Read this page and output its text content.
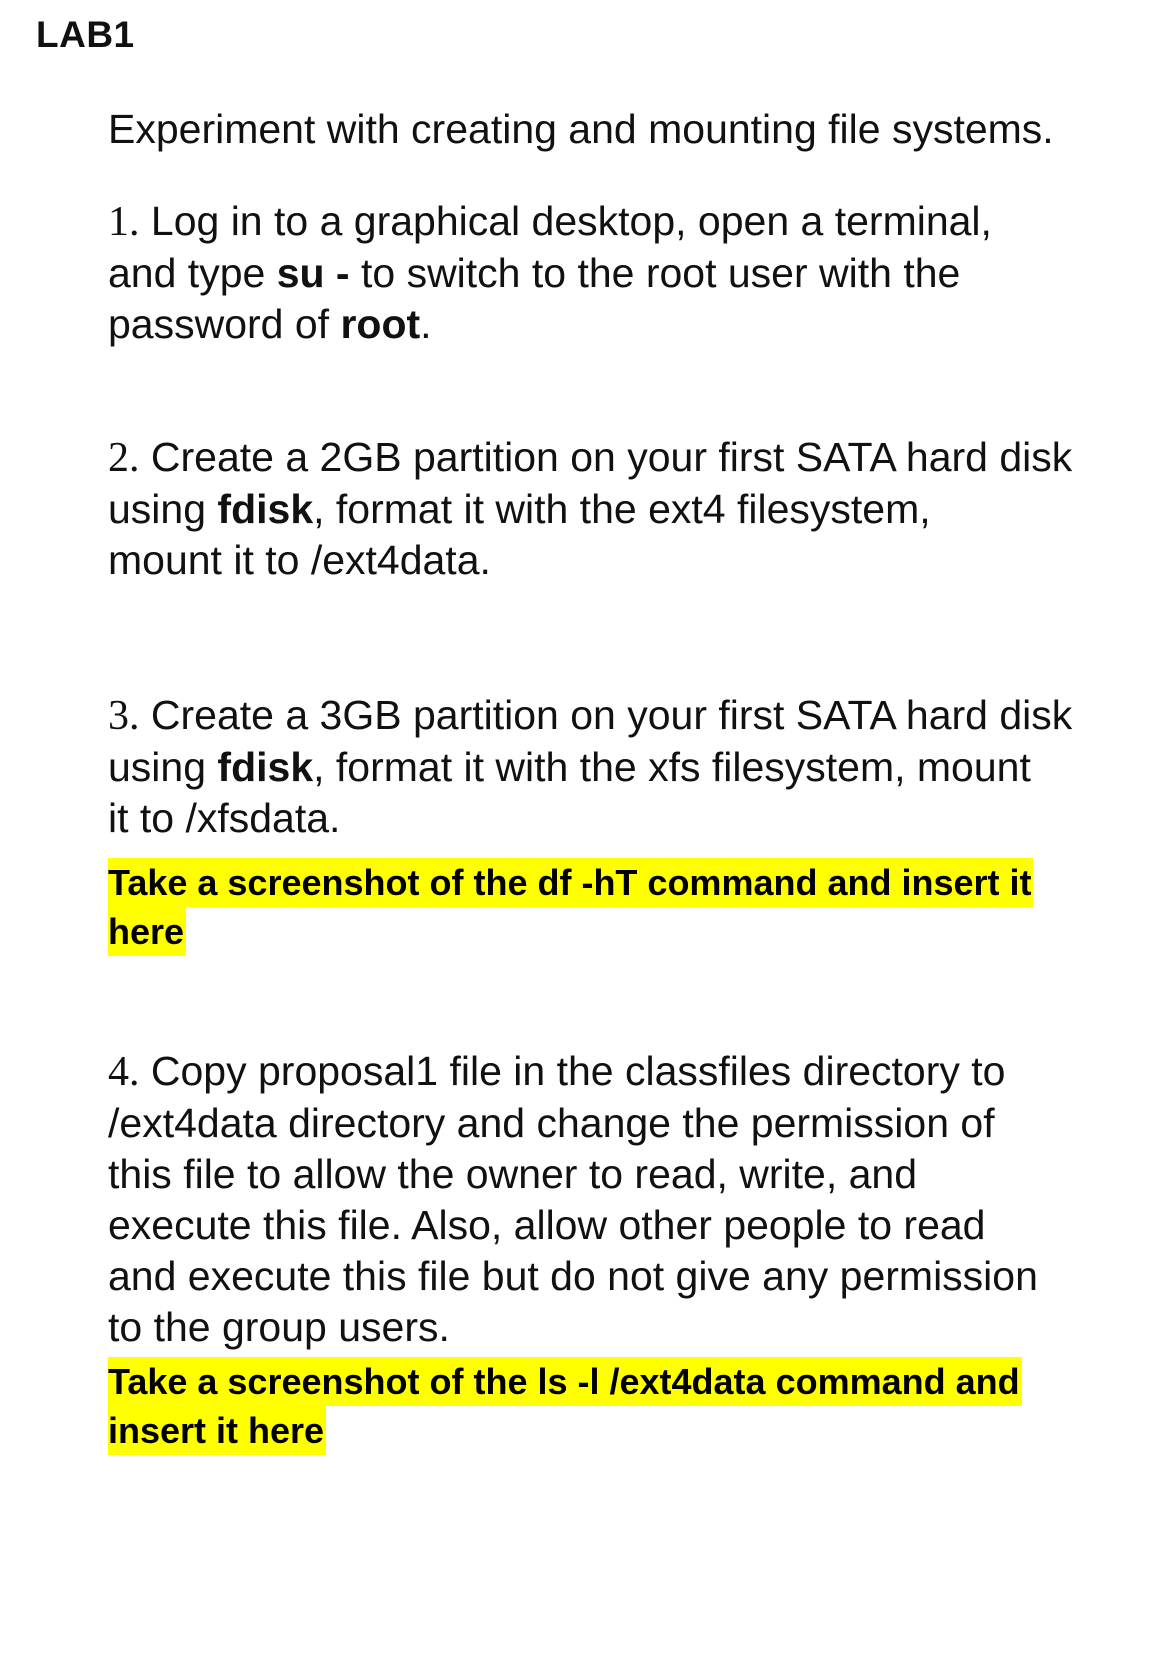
LAB1
Experiment with creating and mounting file systems.
1. Log in to a graphical desktop, open a terminal,
and type su - to switch to the root user with the
password of root.
2. Create a 2GB partition on your first SATA hard disk
using fdisk, format it with the ext4 filesystem,
mount it to /ext4data.
3. Create a 3GB partition on your first SATA hard disk
using fdisk, format it with the xfs filesystem, mount
it to /xfsdata.
Take a screenshot of the df -hT command and insert it
here
4. Copy proposal1 file in the classfiles directory to
/ext4data directory and change the permission of
this file to allow the owner to read, write, and
execute this file. Also, allow other people to read
and execute this file but do not give any permission
to the group users.
Take a screenshot of the ls -l /ext4data command and
insert it here
